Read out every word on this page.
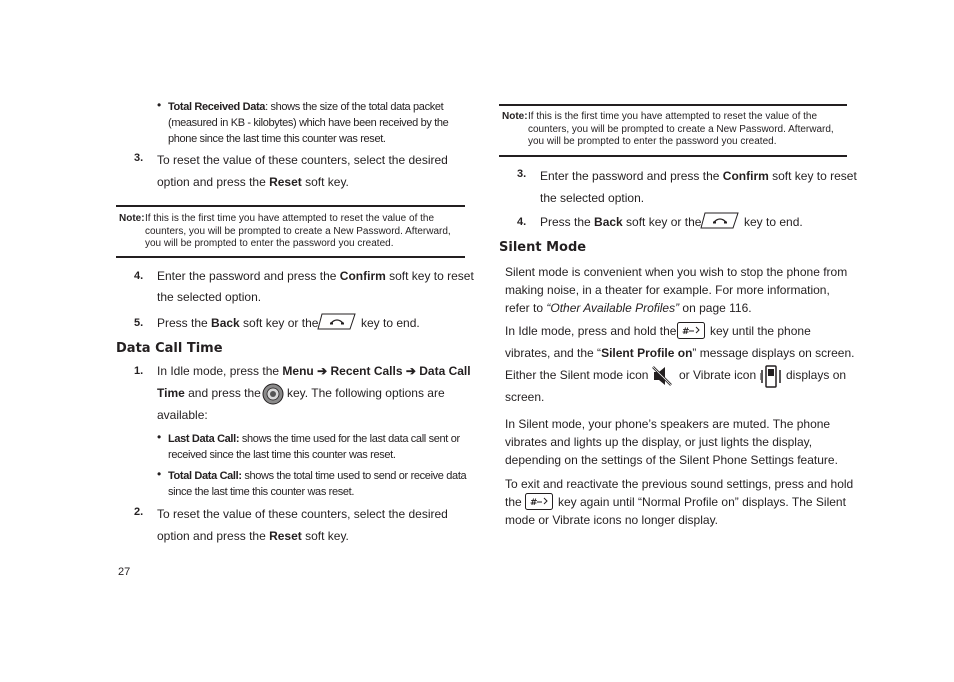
• Total Received Data: shows the size of the total data packet
(measured in KB - kilobytes) which have been received by the
phone since the last time this counter was reset.
3. To reset the value of these counters, select the desired
option and press the Reset soft key.
Note: If this is the first time you have attempted to reset the value of the
counters, you will be prompted to create a New Password. Afterward,
you will be prompted to enter the password you created.
4. Enter the password and press the Confirm soft key to reset
the selected option.
5. Press the Back soft key or the	key to end.
Data Call Time
1. In Idle mode, press the Menu ➔ Recent Calls ➔ Data Call
Time and press the key. The following options are
available:
• Last Data Call: shows the time used for the last data call sent or
received since the last time this counter was reset.
• Total Data Call: shows the total time used to send or receive data
since the last time this counter was reset.
2. To reset the value of these counters, select the desired
option and press the Reset soft key.
27
Note: If this is the first time you have attempted to reset the value of the
counters, you will be prompted to create a New Password. Afterward,
you will be prompted to enter the password you created.
3. Enter the password and press the Confirm soft key to reset
the selected option.
4. Press the Back soft key or the	key to end.
Silent Mode
Silent mode is convenient when you wish to stop the phone from
making noise, in a theater for example. For more information,
refer to “Other Available Profiles” on page 116.
In Idle mode, press and hold the # key until the phone
vibrates, and the “Silent Profile on” message displays on screen.
Either the Silent mode icon	or Vibrate icon displays on
screen.
In Silent mode, your phone’s speakers are muted. The phone
vibrates and lights up the display, or just lights the display,
depending on the settings of the Silent Phone Settings feature.
To exit and reactivate the previous sound settings, press and hold
the # key again until “Normal Profile on” displays. The Silent
mode or Vibrate icons no longer display.
